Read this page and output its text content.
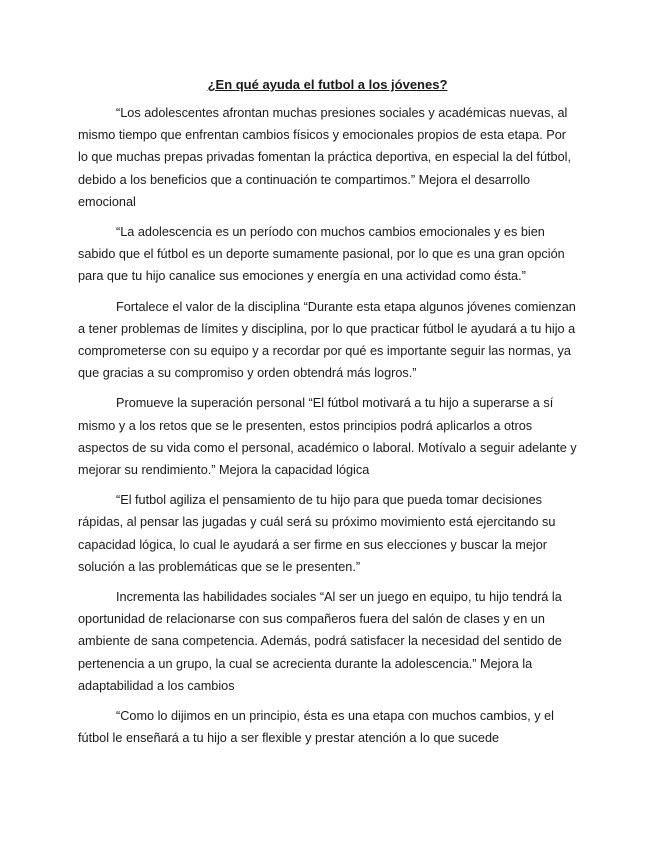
¿En qué ayuda el futbol a los jóvenes?

“Los adolescentes afrontan muchas presiones sociales y académicas nuevas, al mismo tiempo que enfrentan cambios físicos y emocionales propios de esta etapa. Por lo que muchas prepas privadas fomentan la práctica deportiva, en especial la del fútbol, debido a los beneficios que a continuación te compartimos.” Mejora el desarrollo emocional

“La adolescencia es un período con muchos cambios emocionales y es bien sabido que el fútbol es un deporte sumamente pasional, por lo que es una gran opción para que tu hijo canalice sus emociones y energía en una actividad como ésta.”

Fortalece el valor de la disciplina “Durante esta etapa algunos jóvenes comienzan a tener problemas de límites y disciplina, por lo que practicar fútbol le ayudará a tu hijo a comprometerse con su equipo y a recordar por qué es importante seguir las normas, ya que gracias a su compromiso y orden obtendrá más logros.”

Promueve la superación personal “El fútbol motivará a tu hijo a superarse a sí mismo y a los retos que se le presenten, estos principios podrá aplicarlos a otros aspectos de su vida como el personal, académico o laboral. Motívalo a seguir adelante y mejorar su rendimiento.” Mejora la capacidad lógica

“El futbol agiliza el pensamiento de tu hijo para que pueda tomar decisiones rápidas, al pensar las jugadas y cuál será su próximo movimiento está ejercitando su capacidad lógica, lo cual le ayudará a ser firme en sus elecciones y buscar la mejor solución a las problemáticas que se le presenten.”

Incrementa las habilidades sociales “Al ser un juego en equipo, tu hijo tendrá la oportunidad de relacionarse con sus compañeros fuera del salón de clases y en un ambiente de sana competencia. Además, podrá satisfacer la necesidad del sentido de pertenencia a un grupo, la cual se acrecienta durante la adolescencia.” Mejora la adaptabilidad a los cambios

“Como lo dijimos en un principio, ésta es una etapa con muchos cambios, y el fútbol le enseñará a tu hijo a ser flexible y prestar atención a lo que sucede
